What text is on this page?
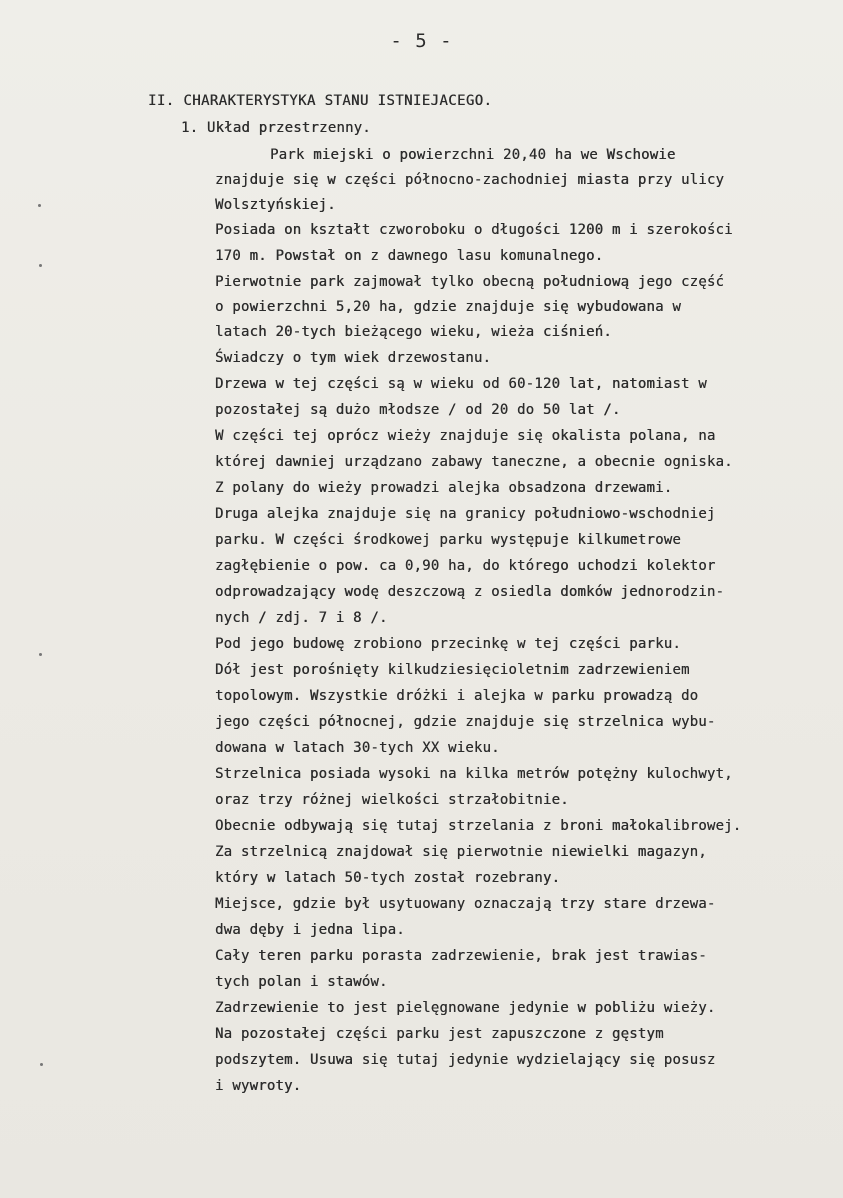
- 5 -
II. CHARAKTERYSTYKA STANU ISTNIEJACEGO.
1. Układ przestrzenny.
Park miejski o powierzchni 20,40 ha we Wschowie
znajduje się w części północno-zachodniej miasta przy ulicy
Wolsztyńskiej.
Posiada on kształt czworoboku o długości 1200 m i szerokości
170 m. Powstał on z dawnego lasu komunalnego.
Pierwotnie park zajmował tylko obecną południową jego część
o powierzchni 5,20 ha, gdzie znajduje się wybudowana w
latach 20-tych bieżącego wieku, wieża ciśnień.
Świadczy o tym wiek drzewostanu.
Drzewa w tej części są w wieku od 60-120 lat, natomiast w
pozostałej są dużo młodsze / od 20 do 50 lat /.
W części tej oprócz wieży znajduje się okalista polana, na
której dawniej urządzano zabawy taneczne, a obecnie ogniska.
Z polany do wieży prowadzi alejka obsadzona drzewami.
Druga alejka znajduje się na granicy południowo-wschodniej
parku. W części środkowej parku występuje kilkumetrowe
zagłębienie o pow. ca 0,90 ha, do którego uchodzi kolektor
odprowadzający wodę deszczową z osiedla domków jednorodzin-
nych / zdj. 7 i 8 /.
Pod jego budowę zrobiono przecinkę w tej części parku.
Dół jest porośnięty kilkudziesięcioletnim zadrzewieniem
topolowym. Wszystkie dróżki i alejka w parku prowadzą do
jego części północnej, gdzie znajduje się strzelnica wybu-
dowana w latach 30-tych XX wieku.
Strzelnica posiada wysoki na kilka metrów potężny kulochwyt,
oraz trzy różnej wielkości strzałobitnie.
Obecnie odbywają się tutaj strzelania z broni małokalibrowej.
Za strzelnicą znajdował się pierwotnie niewielki magazyn,
który w latach 50-tych został rozebrany.
Miejsce, gdzie był usytuowany oznaczają trzy stare drzewa-
dwa dęby i jedna lipa.
Cały teren parku porasta zadrzewienie, brak jest trawias-
tych polan i stawów.
Zadrzewienie to jest pielęgnowane jedynie w pobliżu wieży.
Na pozostałej części parku jest zapuszczone z gęstym
podszytem. Usuwa się tutaj jedynie wydzielający się posusz
i wywroty.
